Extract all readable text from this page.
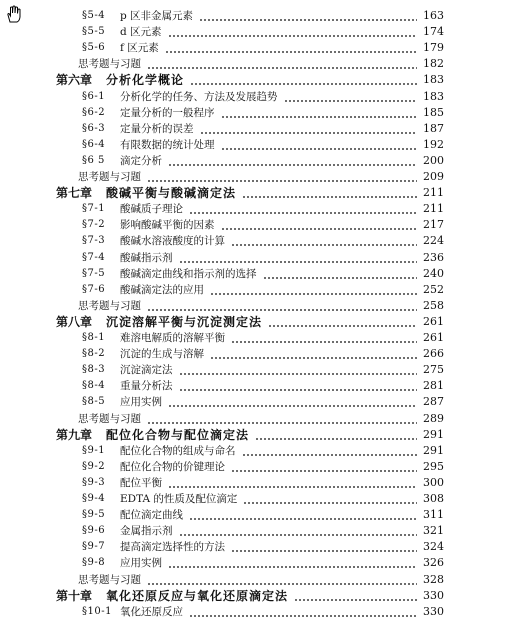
§5-4 p 区非金属元素	163
§5-5 d 区元素	174
§5-6 f 区元素	179
思考题与习题	182
第六章 分析化学概论	183
§6-1 分析化学的任务、方法及发展趋势	183
§6-2 定量分析的一般程序	185
§6-3 定量分析的误差	187
§6-4 有限数据的统计处理	192
§6 5 滴定分析	200
思考题与习题	209
第七章 酸碱平衡与酸碱滴定法	211
§7-1 酸碱质子理论	211
§7-2 影响酸碱平衡的因素	217
§7-3 酸碱水溶液酸度的计算	224
§7-4 酸碱指示剂	236
§7-5 酸碱滴定曲线和指示剂的选择	240
§7-6 酸碱滴定法的应用	252
思考题与习题	258
第八章 沉淀溶解平衡与沉淀测定法	261
§8-1 难溶电解质的溶解平衡	261
§8-2 沉淀的生成与溶解	266
§8-3 沉淀滴定法	275
§8-4 重量分析法	281
§8-5 应用实例	287
思考题与习题	289
第九章 配位化合物与配位滴定法	291
§9-1 配位化合物的组成与命名	291
§9-2 配位化合物的价键理论	295
§9-3 配位平衡	300
§9-4 EDTA 的性质及配位滴定	308
§9-5 配位滴定曲线	311
§9-6 金属指示剂	321
§9-7 提高滴定选择性的方法	324
§9-8 应用实例	326
思考题与习题	328
第十章 氧化还原反应与氧化还原滴定法	330
§10-1 氧化还原反应	330
